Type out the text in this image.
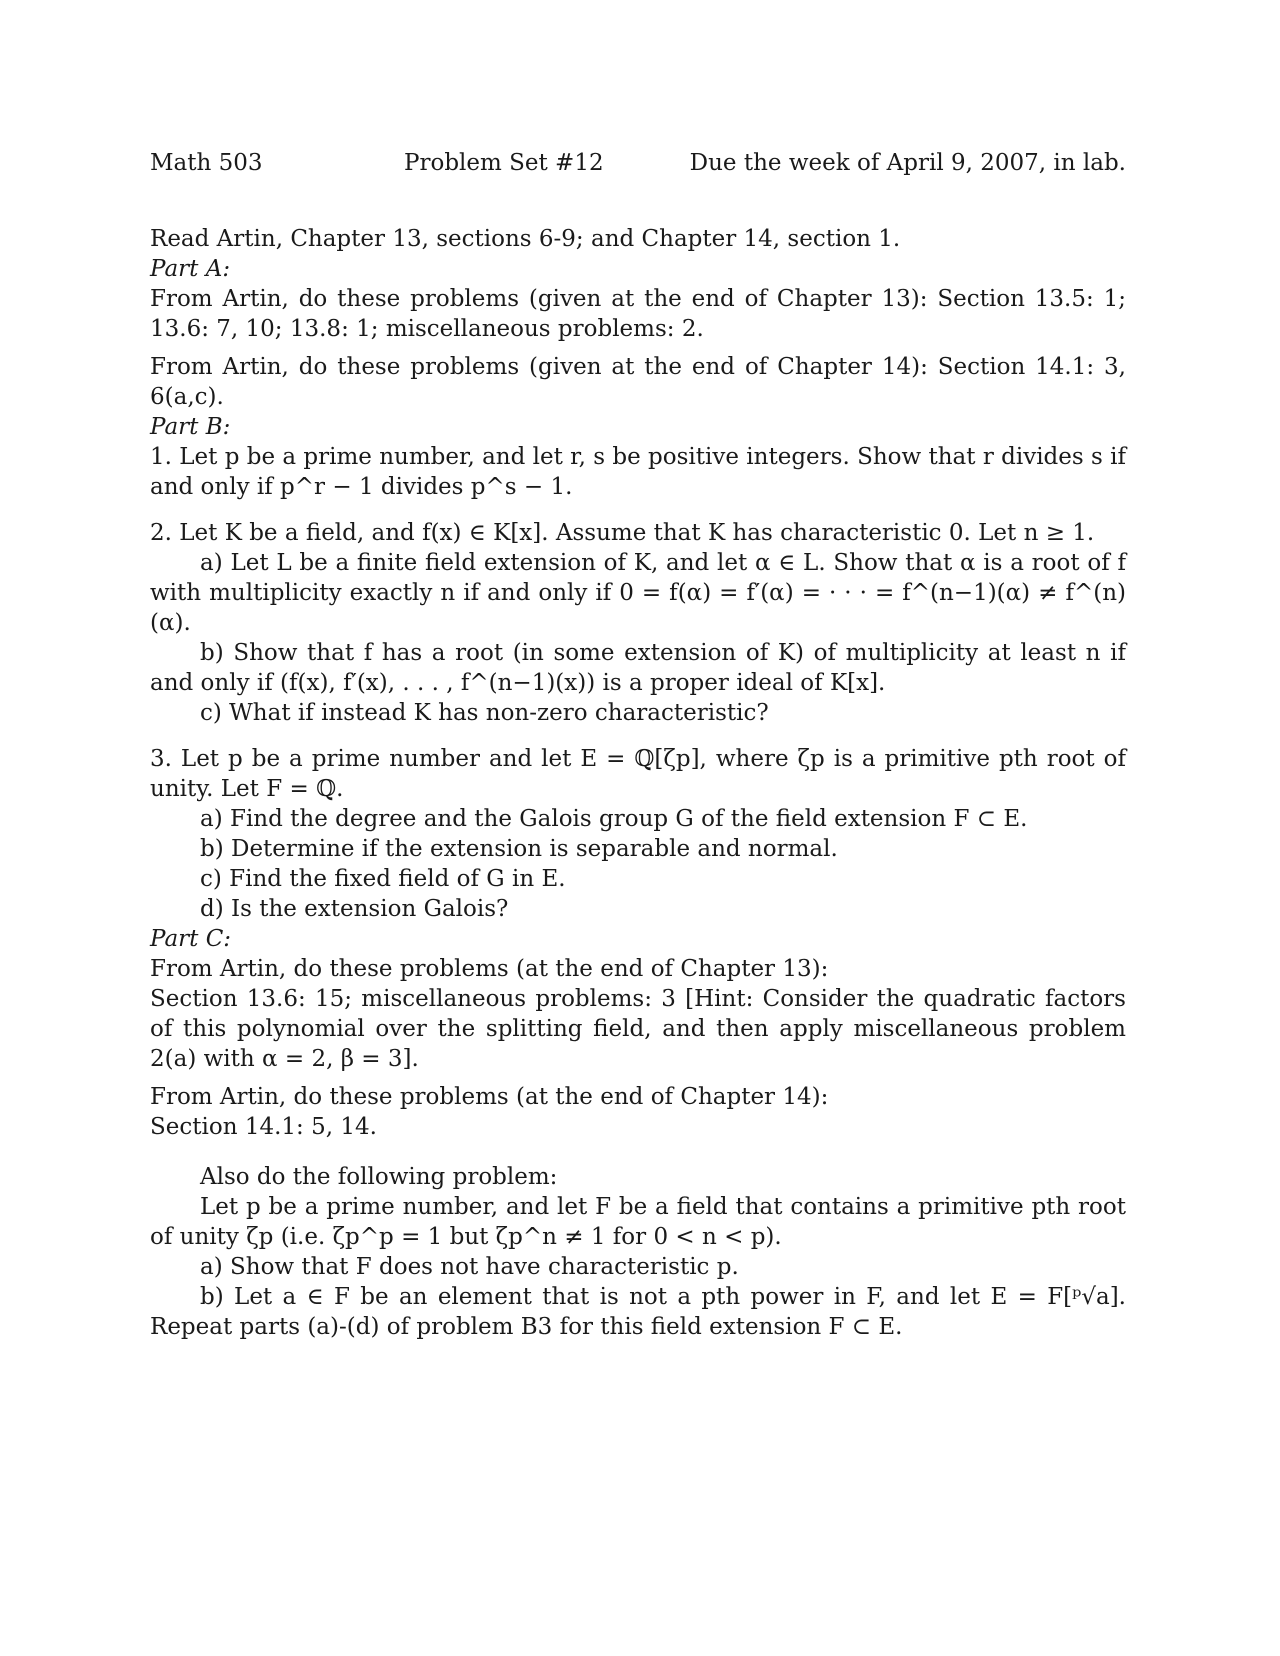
Math 503	Problem Set #12	Due the week of April 9, 2007, in lab.

Read Artin, Chapter 13, sections 6-9; and Chapter 14, section 1.

Part A:

From Artin, do these problems (given at the end of Chapter 13): Section 13.5: 1; 13.6: 7, 10; 13.8: 1; miscellaneous problems: 2.

From Artin, do these problems (given at the end of Chapter 14): Section 14.1: 3, 6(a,c).

Part B:

1. Let p be a prime number, and let r, s be positive integers. Show that r divides s if and only if p^r − 1 divides p^s − 1.

2. Let K be a field, and f(x) ∈ K[x]. Assume that K has characteristic 0. Let n ≥ 1.

a) Let L be a finite field extension of K, and let α ∈ L. Show that α is a root of f with multiplicity exactly n if and only if 0 = f(α) = f′(α) = · · · = f^(n−1)(α) ≠ f^(n)(α).

b) Show that f has a root (in some extension of K) of multiplicity at least n if and only if (f(x), f′(x), . . . , f^(n−1)(x)) is a proper ideal of K[x].

c) What if instead K has non-zero characteristic?

3. Let p be a prime number and let E = ℚ[ζp], where ζp is a primitive pth root of unity. Let F = ℚ.

a) Find the degree and the Galois group G of the field extension F ⊂ E.

b) Determine if the extension is separable and normal.

c) Find the fixed field of G in E.

d) Is the extension Galois?

Part C:

From Artin, do these problems (at the end of Chapter 13):

Section 13.6: 15; miscellaneous problems: 3 [Hint: Consider the quadratic factors of this polynomial over the splitting field, and then apply miscellaneous problem 2(a) with α = 2, β = 3].

From Artin, do these problems (at the end of Chapter 14):

Section 14.1: 5, 14.

Also do the following problem:

Let p be a prime number, and let F be a field that contains a primitive pth root of unity ζp (i.e. ζp^p = 1 but ζp^n ≠ 1 for 0 < n < p).

a) Show that F does not have characteristic p.

b) Let a ∈ F be an element that is not a pth power in F, and let E = F[ᵖ√a]. Repeat parts (a)-(d) of problem B3 for this field extension F ⊂ E.
